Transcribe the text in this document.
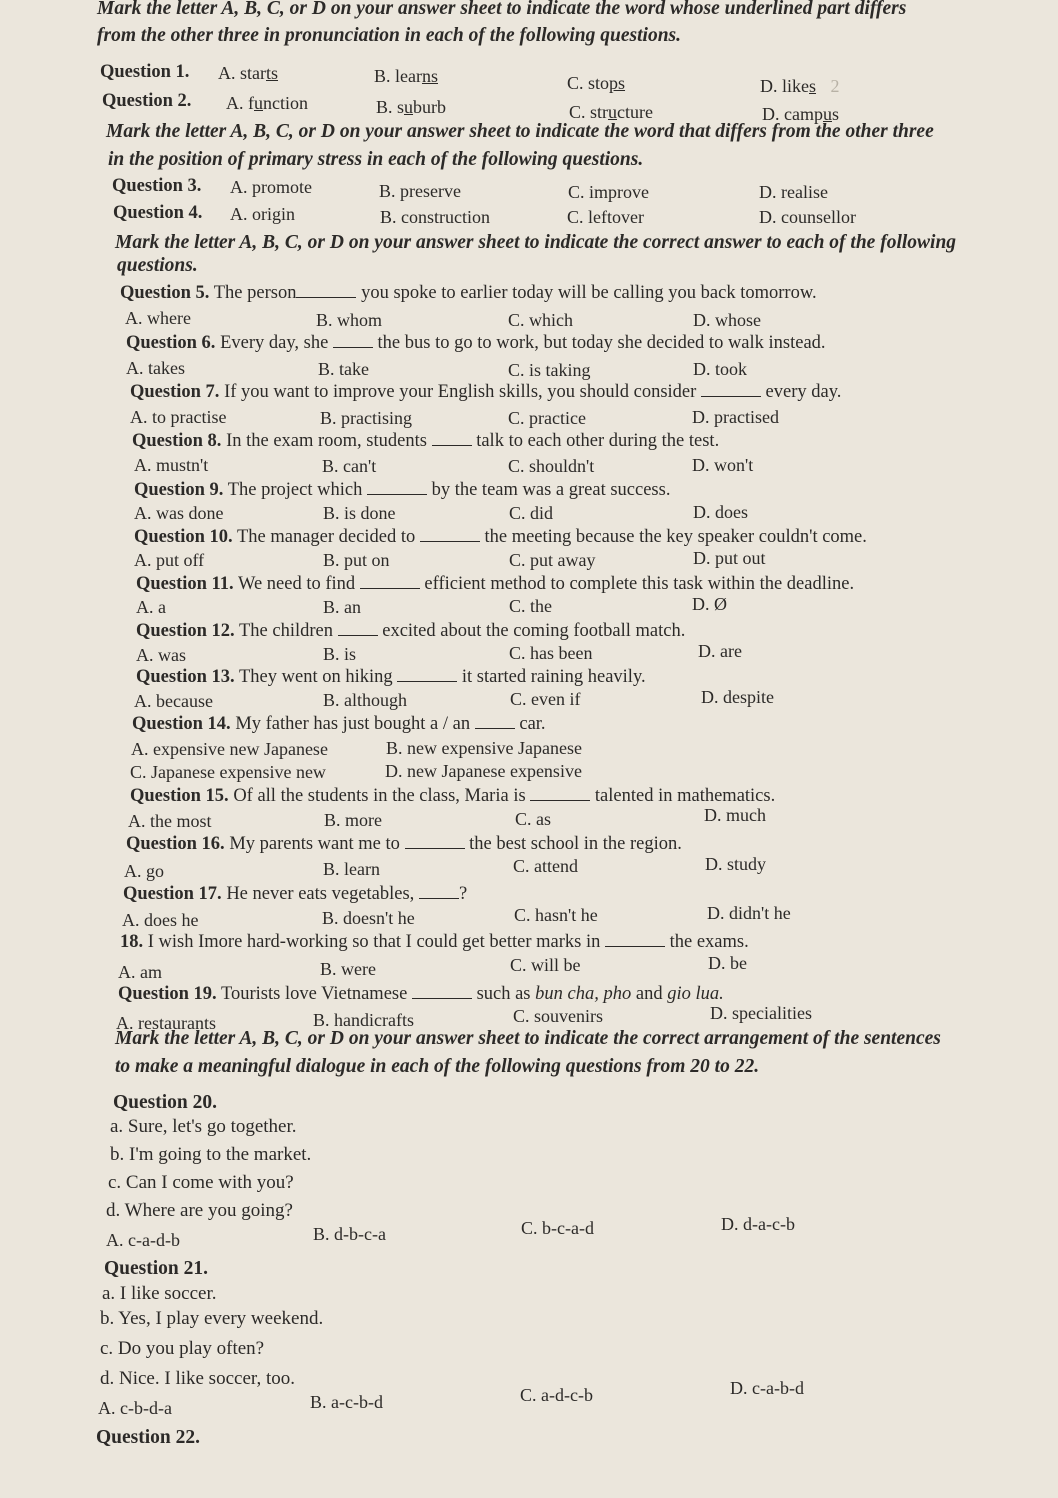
Mark the letter A, B, C, or D on your answer sheet to indicate the word whose underlined part differs
from the other three in pronunciation in each of the following questions.
Question 1. A. starts	B. learns	C. stops	D. likes 2
Question 2. A. function	B. suburb	C. structure	D. campus
Mark the letter A, B, C, or D on your answer sheet to indicate the word that differs from the other three
in the position of primary stress in each of the following questions.
Question 3. A. promote	B. preserve	C. improve	D. realise
Question 4. A. origin	B. construction	C. leftover	D. counsellor
Mark the letter A, B, C, or D on your answer sheet to indicate the correct answer to each of the following
questions.
Question 5. The person	you spoke to earlier today will be calling you back tomorrow.
A. where	B. whom	C. which	D. whose
Question 6. Every day, she	the bus to go to work, but today she decided to walk instead.
A. takes	B. take	C. is taking	D. took
Question 7. If you want to improve your English skills, you should consider	every day.
A. to practise	B. practising	C. practice	D. practised
Question 8. In the exam room, students	talk to each other during the test.
A. mustn't	B. can't	C. shouldn't	D. won't
Question 9. The project which	by the team was a great success.
A. was done	B. is done	C. did	D. does
Question 10. The manager decided to	the meeting because the key speaker couldn't come.
A. put off	B. put on	C. put away	D. put out
Question 11. We need to find	efficient method to complete this task within the deadline.
A. a	B. an	C. the	D. Ø
Question 12. The children	excited about the coming football match.
A. was	B. is	C. has been	D. are
Question 13. They went on hiking	it started raining heavily.
A. because	B. although	C. even if	D. despite
Question 14. My father has just bought a / an	car.
A. expensive new Japanese	B. new expensive Japanese
C. Japanese expensive new	D. new Japanese expensive
Question 15. Of all the students in the class, Maria is	talented in mathematics.
A. the most	B. more	C. as	D. much
Question 16. My parents want me to	the best school in the region.
A. go	B. learn	C. attend	D. study
Question 17. He never eats vegetables, ?
A. does he	B. doesn't he	C. hasn't he	D. didn't he
18. I wish Imore hard-working so that I could get better marks in	the exams.
A. am	B. were	C. will be	D. be
Question 19. Tourists love Vietnamese	such as bun cha, pho and gio lua.
A. restaurants	B. handicrafts	C. souvenirs	D. specialities
Mark the letter A, B, C, or D on your answer sheet to indicate the correct arrangement of the sentences
to make a meaningful dialogue in each of the following questions from 20 to 22.
Question 20.
a. Sure, let's go together.
b. I'm going to the market.
c. Can I come with you?
d. Where are you going?
A. c-a-d-b	B. d-b-c-a	C. b-c-a-d	D. d-a-c-b
Question 21.
a. I like soccer.
b. Yes, I play every weekend.
c. Do you play often?
d. Nice. I like soccer, too.
A. c-b-d-a	B. a-c-b-d	C. a-d-c-b	D. c-a-b-d
Question 22.
